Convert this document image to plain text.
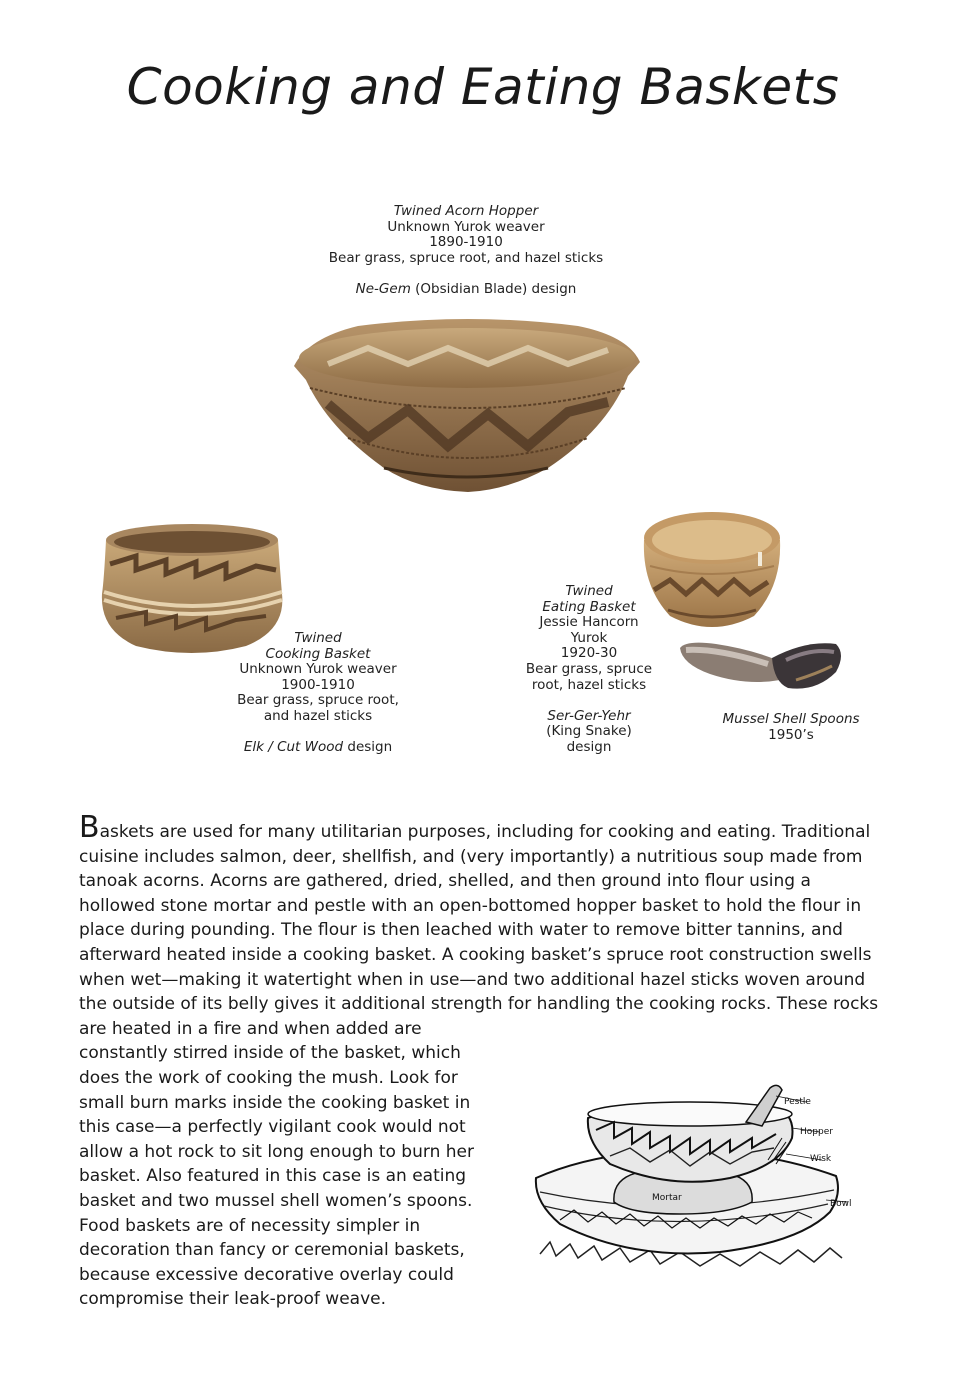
Cooking and Eating Baskets
Twined Acorn Hopper
Unknown Yurok weaver
1890-1910
Bear grass, spruce root, and hazel sticks
Ne-Gem (Obsidian Blade) design
Twined
Cooking Basket
Unknown Yurok weaver
1900-1910
Bear grass, spruce root,
and hazel sticks
Elk / Cut Wood design
Twined
Eating Basket
Jessie Hancorn
Yurok
1920-30
Bear grass, spruce
root, hazel sticks
Ser-Ger-Yehr
(King Snake)
design
Mussel Shell Spoons
1950’s
Baskets are used for many utilitarian purposes, including for cooking and eating. Traditional cuisine includes salmon, deer, shellfish, and (very importantly) a nutritious soup made from tanoak acorns. Acorns are gathered, dried, shelled, and then ground into flour using a hollowed stone mortar and pestle with an open-bottomed hopper basket to hold the flour in place during pounding. The flour is then leached with water to remove bitter tannins, and afterward heated inside a cooking basket. A cooking basket’s spruce root construction swells when wet—making it watertight when in use—and two additional hazel sticks woven around the outside of its belly gives it additional strength for handling the cooking rocks. These rocks are heated in a fire and when added are
constantly stirred inside of the basket, which does the work of cooking the mush. Look for small burn marks inside the cooking basket in this case—a perfectly vigilant cook would not allow a hot rock to sit long enough to burn her basket. Also featured in this case is an eating basket and two mussel shell women’s spoons. Food baskets are of necessity simpler in decoration than fancy or ceremonial baskets, because excessive decorative overlay could compromise their leak-proof weave.
Pestle
Hopper
Wisk
Mortar
Bowl
